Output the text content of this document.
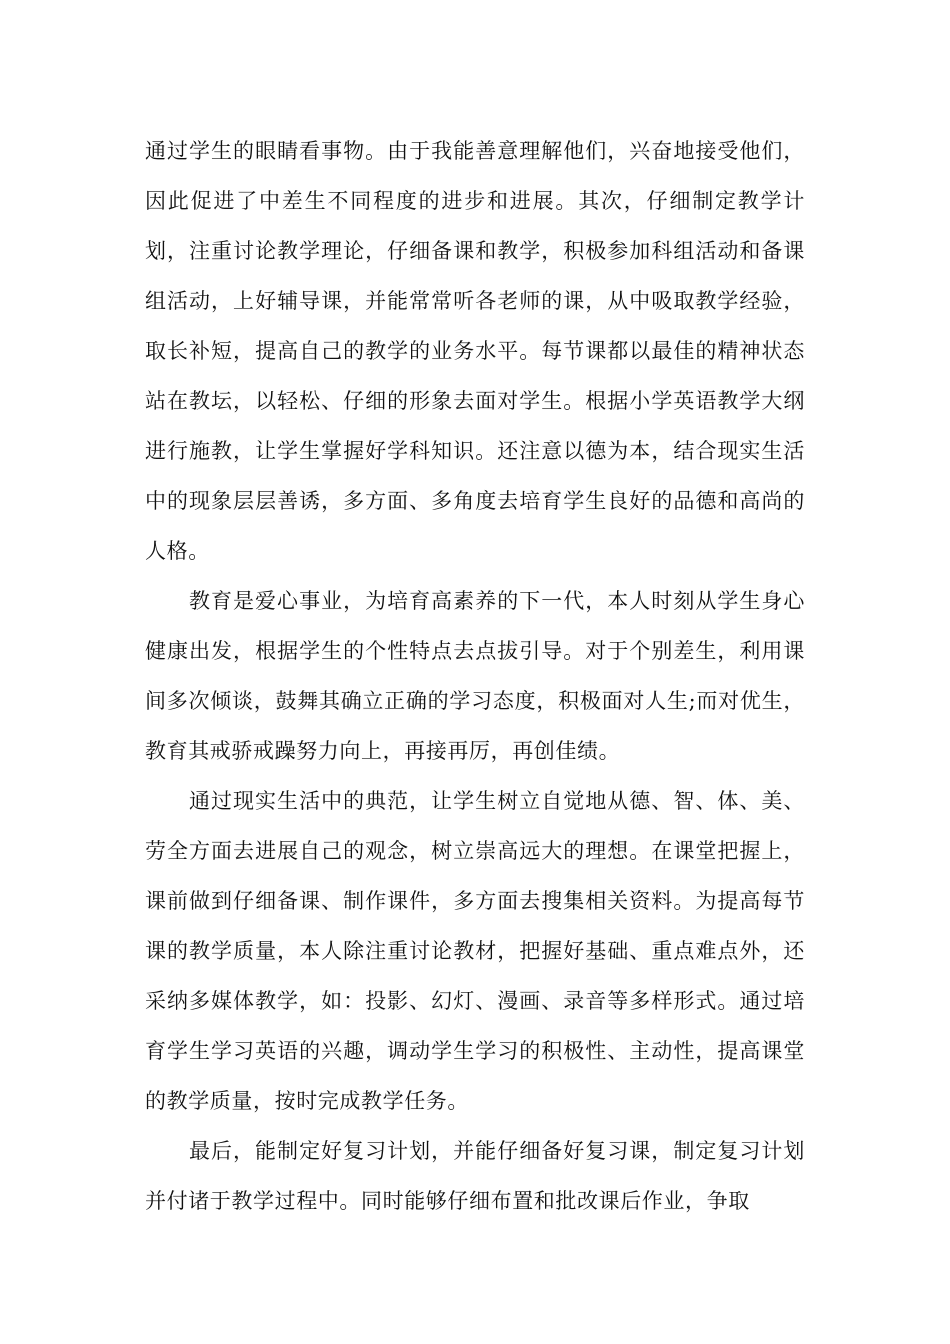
通过学生的眼睛看事物。由于我能善意理解他们，兴奋地接受他们，因此促进了中差生不同程度的进步和进展。其次，仔细制定教学计划，注重讨论教学理论，仔细备课和教学，积极参加科组活动和备课组活动，上好辅导课，并能常常听各老师的课，从中吸取教学经验，取长补短，提高自己的教学的业务水平。每节课都以最佳的精神状态站在教坛，以轻松、仔细的形象去面对学生。根据小学英语教学大纲进行施教，让学生掌握好学科知识。还注意以德为本，结合现实生活中的现象层层善诱，多方面、多角度去培育学生良好的品德和高尚的人格。

教育是爱心事业，为培育高素养的下一代，本人时刻从学生身心健康出发，根据学生的个性特点去点拔引导。对于个别差生，利用课间多次倾谈，鼓舞其确立正确的学习态度，积极面对人生;而对优生，教育其戒骄戒躁努力向上，再接再厉，再创佳绩。

通过现实生活中的典范，让学生树立自觉地从德、智、体、美、劳全方面去进展自己的观念，树立崇高远大的理想。在课堂把握上，课前做到仔细备课、制作课件，多方面去搜集相关资料。为提高每节课的教学质量，本人除注重讨论教材，把握好基础、重点难点外，还采纳多媒体教学，如：投影、幻灯、漫画、录音等多样形式。通过培育学生学习英语的兴趣，调动学生学习的积极性、主动性，提高课堂的教学质量，按时完成教学任务。

最后，能制定好复习计划，并能仔细备好复习课，制定复习计划并付诸于教学过程中。同时能够仔细布置和批改课后作业，争取
